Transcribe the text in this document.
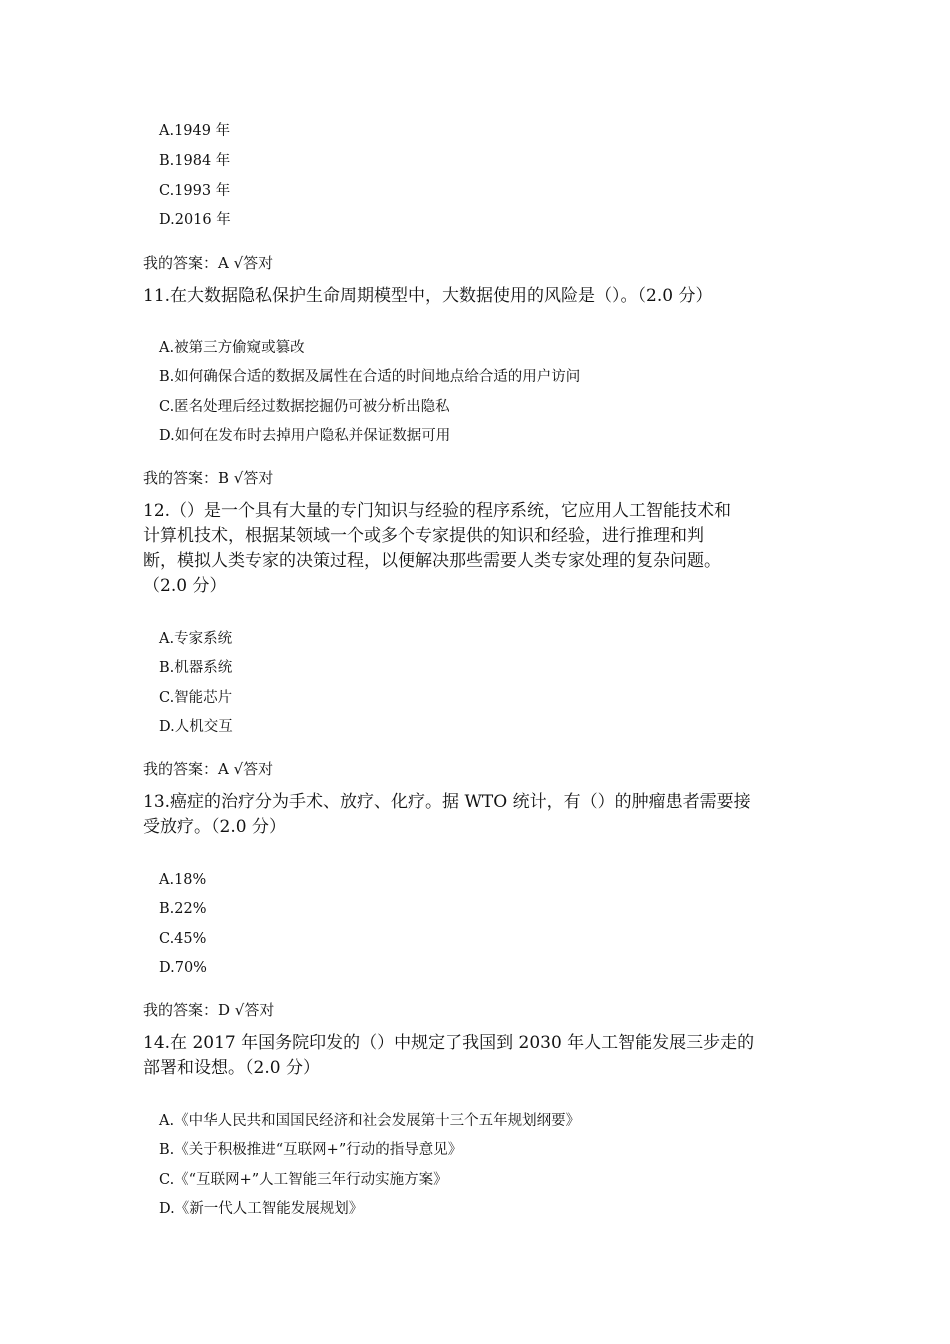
A.1949 年
B.1984 年
C.1993 年
D.2016 年
我的答案：A √答对
11.在大数据隐私保护生命周期模型中，大数据使用的风险是（）。（2.0 分）
A.被第三方偷窥或篡改
B.如何确保合适的数据及属性在合适的时间地点给合适的用户访问
C.匿名处理后经过数据挖掘仍可被分析出隐私
D.如何在发布时去掉用户隐私并保证数据可用
我的答案：B √答对
12.（）是一个具有大量的专门知识与经验的程序系统，它应用人工智能技术和
计算机技术，根据某领域一个或多个专家提供的知识和经验，进行推理和判
断，模拟人类专家的决策过程，以便解决那些需要人类专家处理的复杂问题。
（2.0 分）
A.专家系统
B.机器系统
C.智能芯片
D.人机交互
我的答案：A √答对
13.癌症的治疗分为手术、放疗、化疗。据 WTO 统计，有（）的肿瘤患者需要接
受放疗。（2.0 分）
A.18%
B.22%
C.45%
D.70%
我的答案：D √答对
14.在 2017 年国务院印发的（）中规定了我国到 2030 年人工智能发展三步走的
部署和设想。（2.0 分）
A.《中华人民共和国国民经济和社会发展第十三个五年规划纲要》
B.《关于积极推进“互联网+”行动的指导意见》
C.《“互联网+”人工智能三年行动实施方案》
D.《新一代人工智能发展规划》
